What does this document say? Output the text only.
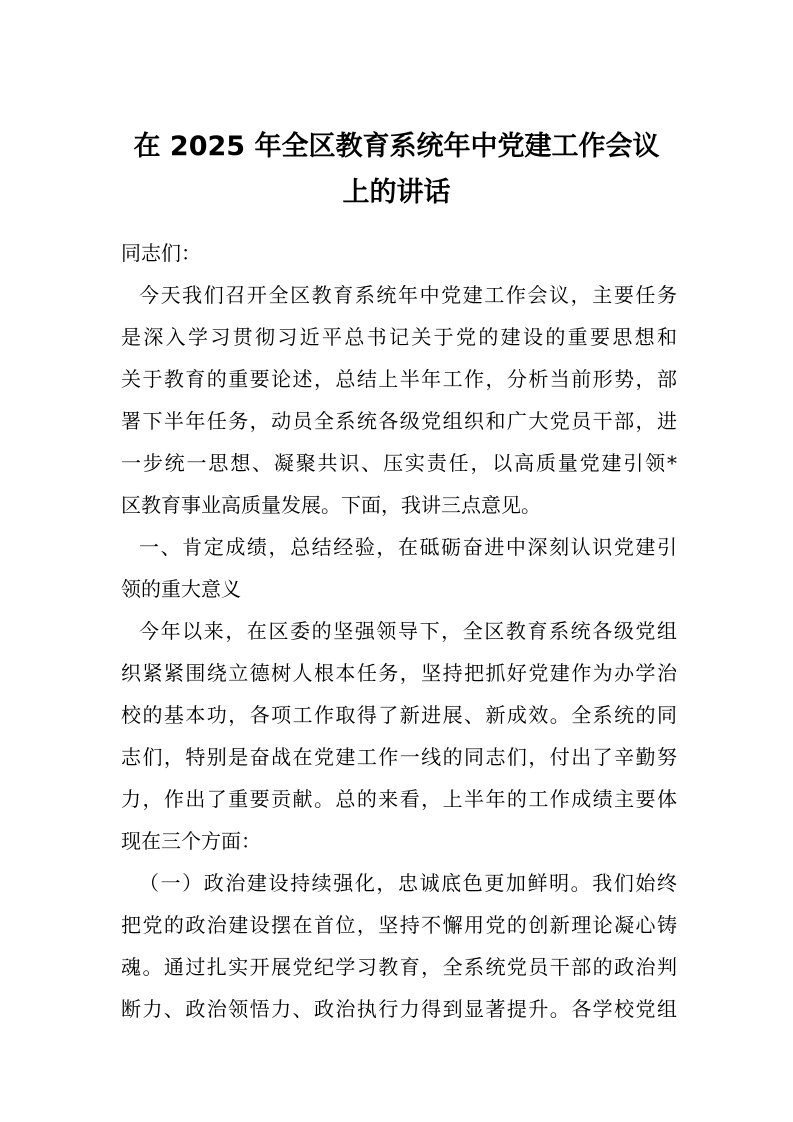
在 2025 年全区教育系统年中党建工作会议
上的讲话
同志们：
今天我们召开全区教育系统年中党建工作会议，主要任务
是深入学习贯彻习近平总书记关于党的建设的重要思想和
关于教育的重要论述，总结上半年工作，分析当前形势，部
署下半年任务，动员全系统各级党组织和广大党员干部，进
一步统一思想、凝聚共识、压实责任，以高质量党建引领*
区教育事业高质量发展。下面，我讲三点意见。
一、肯定成绩，总结经验，在砥砺奋进中深刻认识党建引
领的重大意义
今年以来，在区委的坚强领导下，全区教育系统各级党组
织紧紧围绕立德树人根本任务，坚持把抓好党建作为办学治
校的基本功，各项工作取得了新进展、新成效。全系统的同
志们，特别是奋战在党建工作一线的同志们，付出了辛勤努
力，作出了重要贡献。总的来看，上半年的工作成绩主要体
现在三个方面：
（一）政治建设持续强化，忠诚底色更加鲜明。我们始终
把党的政治建设摆在首位，坚持不懈用党的创新理论凝心铸
魂。通过扎实开展党纪学习教育，全系统党员干部的政治判
断力、政治领悟力、政治执行力得到显著提升。各学校党组
